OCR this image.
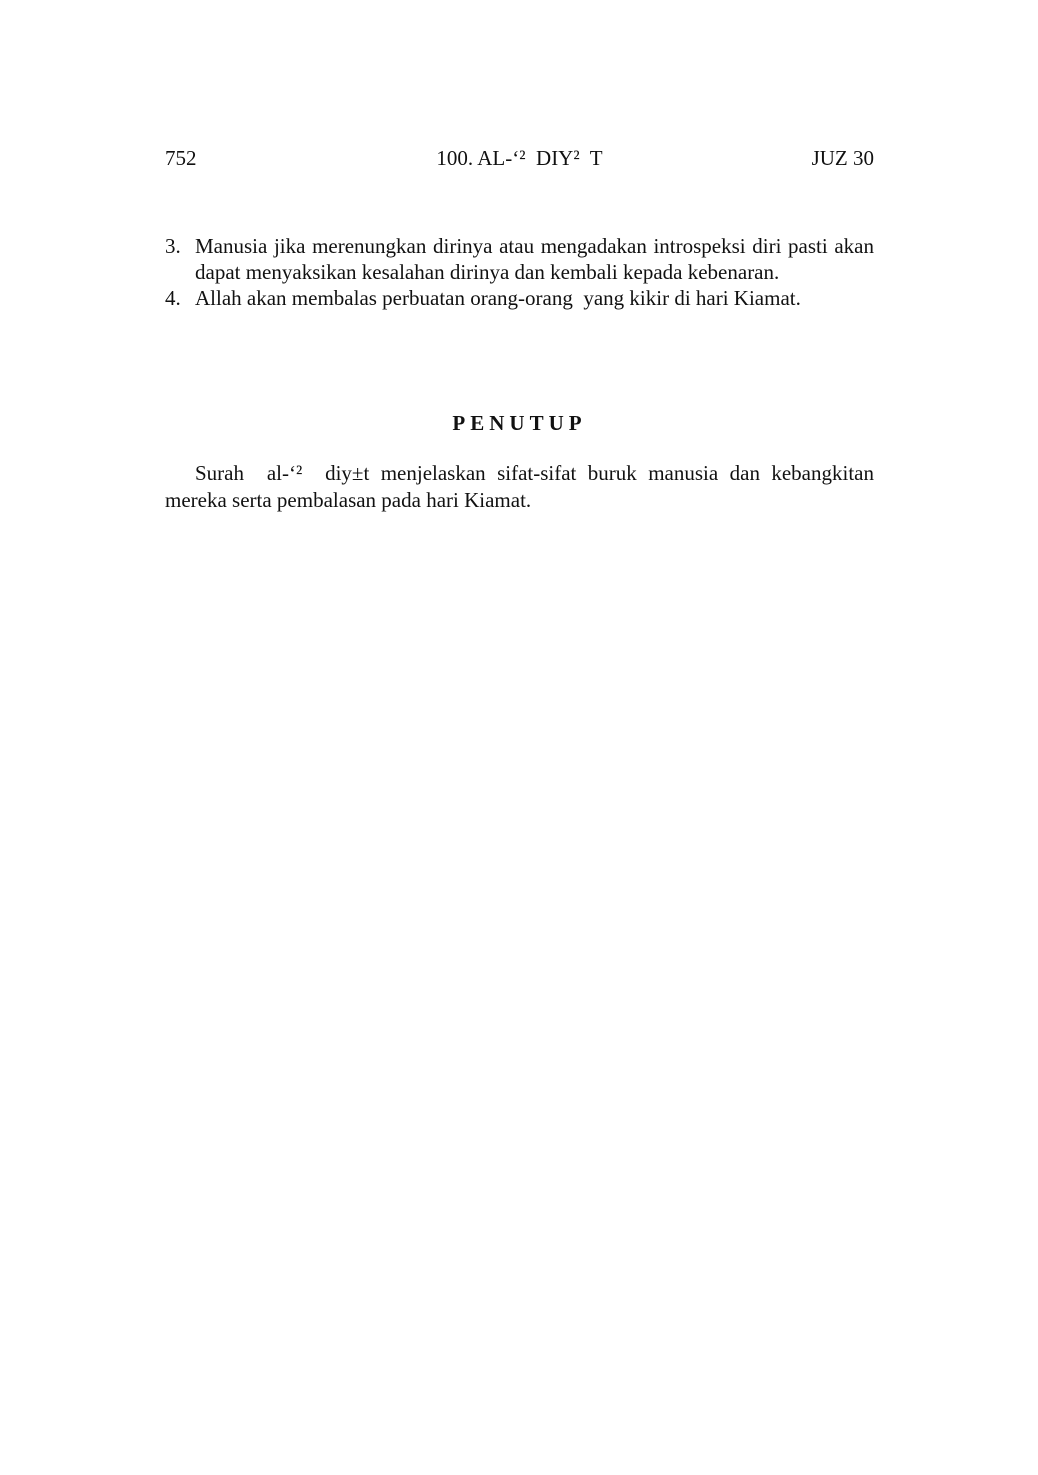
752	100. AL-‘²  DIY²  T	JUZ 30
3. Manusia jika merenungkan dirinya atau mengadakan introspeksi diri pasti akan dapat menyaksikan kesalahan dirinya dan kembali kepada kebenaran.
4. Allah akan membalas perbuatan orang-orang  yang kikir di hari Kiamat.
PENUTUP

Surah  al-‘²  diy±t menjelaskan sifat-sifat buruk manusia dan kebangkitan mereka serta pembalasan pada hari Kiamat.
